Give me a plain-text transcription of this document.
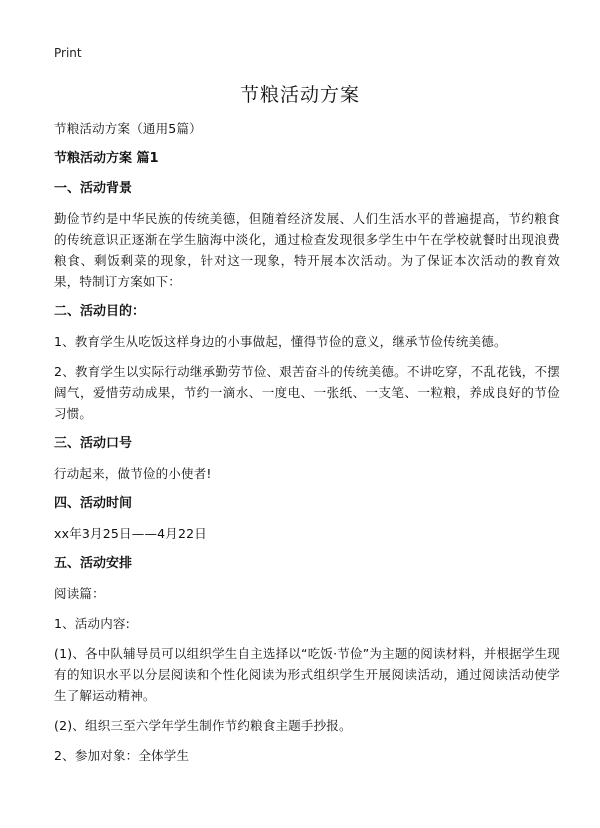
Print
节粮活动方案

节粮活动方案（通用5篇）

节粮活动方案 篇1

一、活动背景

勤俭节约是中华民族的传统美德，但随着经济发展、人们生活水平的普遍提高，节约粮食的传统意识正逐渐在学生脑海中淡化，通过检查发现很多学生中午在学校就餐时出现浪费粮食、剩饭剩菜的现象，针对这一现象，特开展本次活动。为了保证本次活动的教育效果，特制订方案如下：

二、活动目的：

1、教育学生从吃饭这样身边的小事做起，懂得节俭的意义，继承节俭传统美德。

2、教育学生以实际行动继承勤劳节俭、艰苦奋斗的传统美德。不讲吃穿，不乱花钱，不摆阔气，爱惜劳动成果，节约一滴水、一度电、一张纸、一支笔、一粒粮，养成良好的节俭习惯。

三、活动口号

行动起来，做节俭的小使者!

四、活动时间

xx年3月25日——4月22日

五、活动安排

阅读篇：

1、活动内容:

(1)、各中队辅导员可以组织学生自主选择以“吃饭·节俭”为主题的阅读材料，并根据学生现有的知识水平以分层阅读和个性化阅读为形式组织学生开展阅读活动，通过阅读活动使学生了解运动精神。

(2)、组织三至六学年学生制作节约粮食主题手抄报。

2、参加对象：全体学生
